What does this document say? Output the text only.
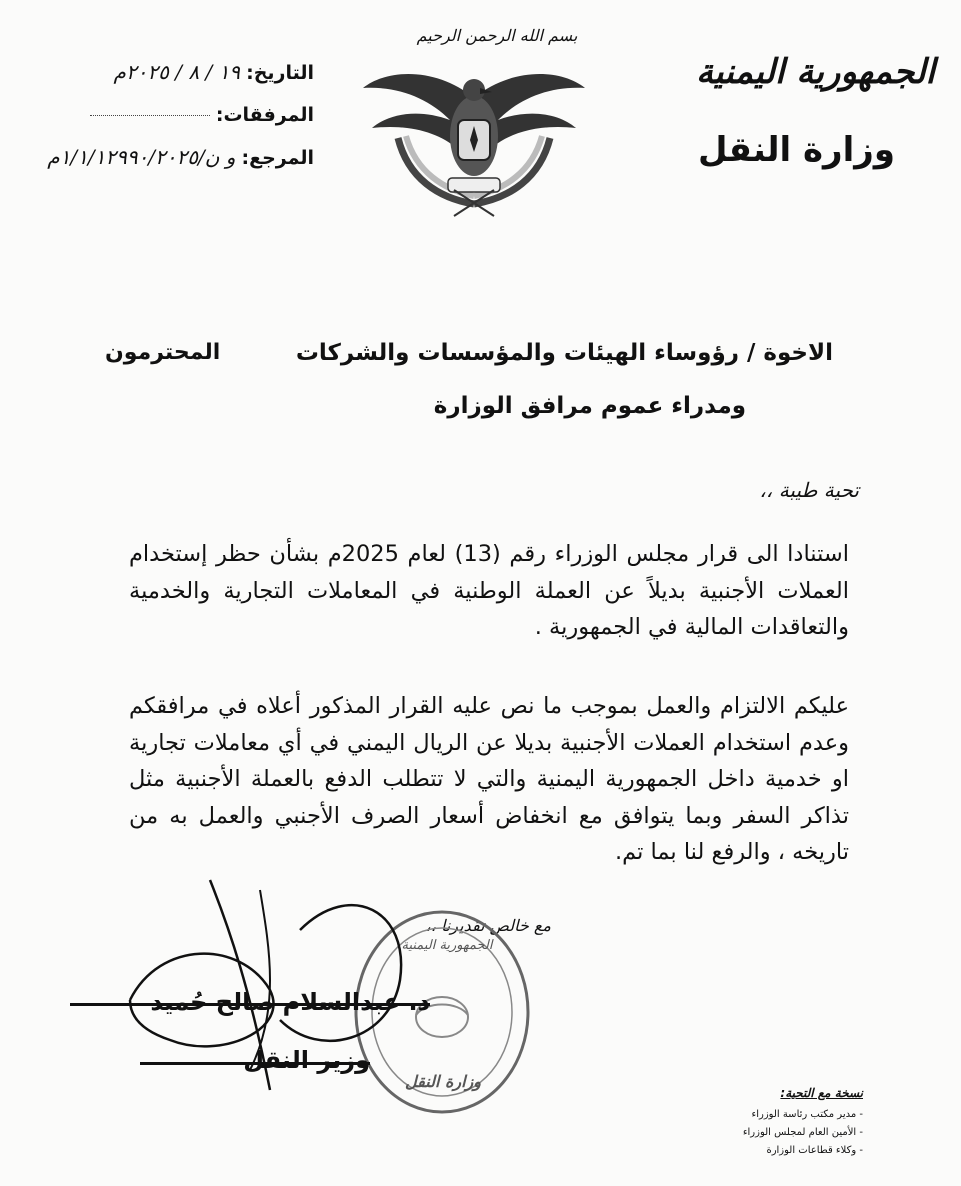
الجمهورية اليمنية
وزارة النقل
بسم الله الرحمن الرحيم
التاريخ: ١٩ / ٨ / ٢٠٢٥م
المرفقات:
المرجع: و ن/١/١/١٢٩٩٠/٢٠٢٥م
الاخوة / رؤوساء الهيئات والمؤسسات والشركات
ومدراء عموم مرافق الوزارة
المحترمون
تحية طيبة ،،
استنادا الى قرار مجلس الوزراء رقم (13) لعام 2025م بشأن حظر إستخدام العملات الأجنبية بديلاً عن العملة الوطنية في المعاملات التجارية والخدمية والتعاقدات المالية في الجمهورية .
عليكم الالتزام والعمل بموجب ما نص عليه القرار المذكور أعلاه في مرافقكم وعدم استخدام العملات الأجنبية بديلا عن الريال اليمني في أي معاملات تجارية او خدمية داخل الجمهورية اليمنية والتي لا تتطلب الدفع بالعملة الأجنبية مثل تذاكر السفر وبما يتوافق مع انخفاض أسعار الصرف الأجنبي والعمل به من تاريخه ، والرفع لنا بما تم.
مع خالص تقديرنا ،،
الجمهورية اليمنية
وزارة النقل
د. عبدالسلام صالح حُميد
وزير النقل
نسخة مع التحية:
- مدير مكتب رئاسة الوزراء
- الأمين العام لمجلس الوزراء
- وكلاء قطاعات الوزارة
